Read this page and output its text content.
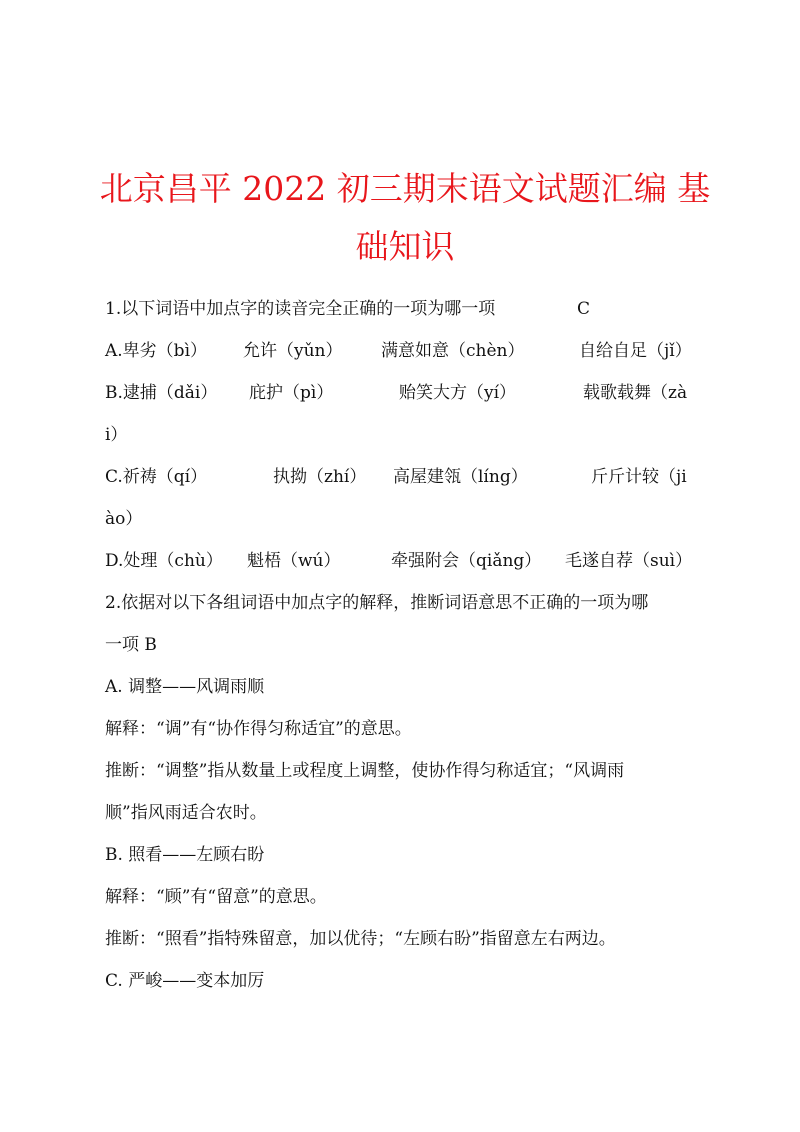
北京昌平 2022 初三期末语文试题汇编 基础知识
1.以下词语中加点字的读音完全正确的一项为哪一项	C
A.卑劣（bì） 允许（yǔn） 满意如意（chèn）	自给自足（jǐ）
B.逮捕（dǎi） 庇护（pì）	贻笑大方（yí）	载歌载舞（zà
i）
C.祈祷（qí）	执拗（zhí） 高屋建瓴（líng）	斤斤计较（ji
ào）
D.处理（chù） 魁梧（wú）	牵强附会（qiǎng） 毛遂自荐（suì）
2.依据对以下各组词语中加点字的解释，推断词语意思不正确的一项为哪
一项 B
A. 调整——风调雨顺
解释：“调”有“协作得匀称适宜”的意思。
推断：“调整”指从数量上或程度上调整，使协作得匀称适宜；“风调雨
顺”指风雨适合农时。
B. 照看——左顾右盼
解释：“顾”有“留意”的意思。
推断：“照看”指特殊留意，加以优待；“左顾右盼”指留意左右两边。
C. 严峻——变本加厉
